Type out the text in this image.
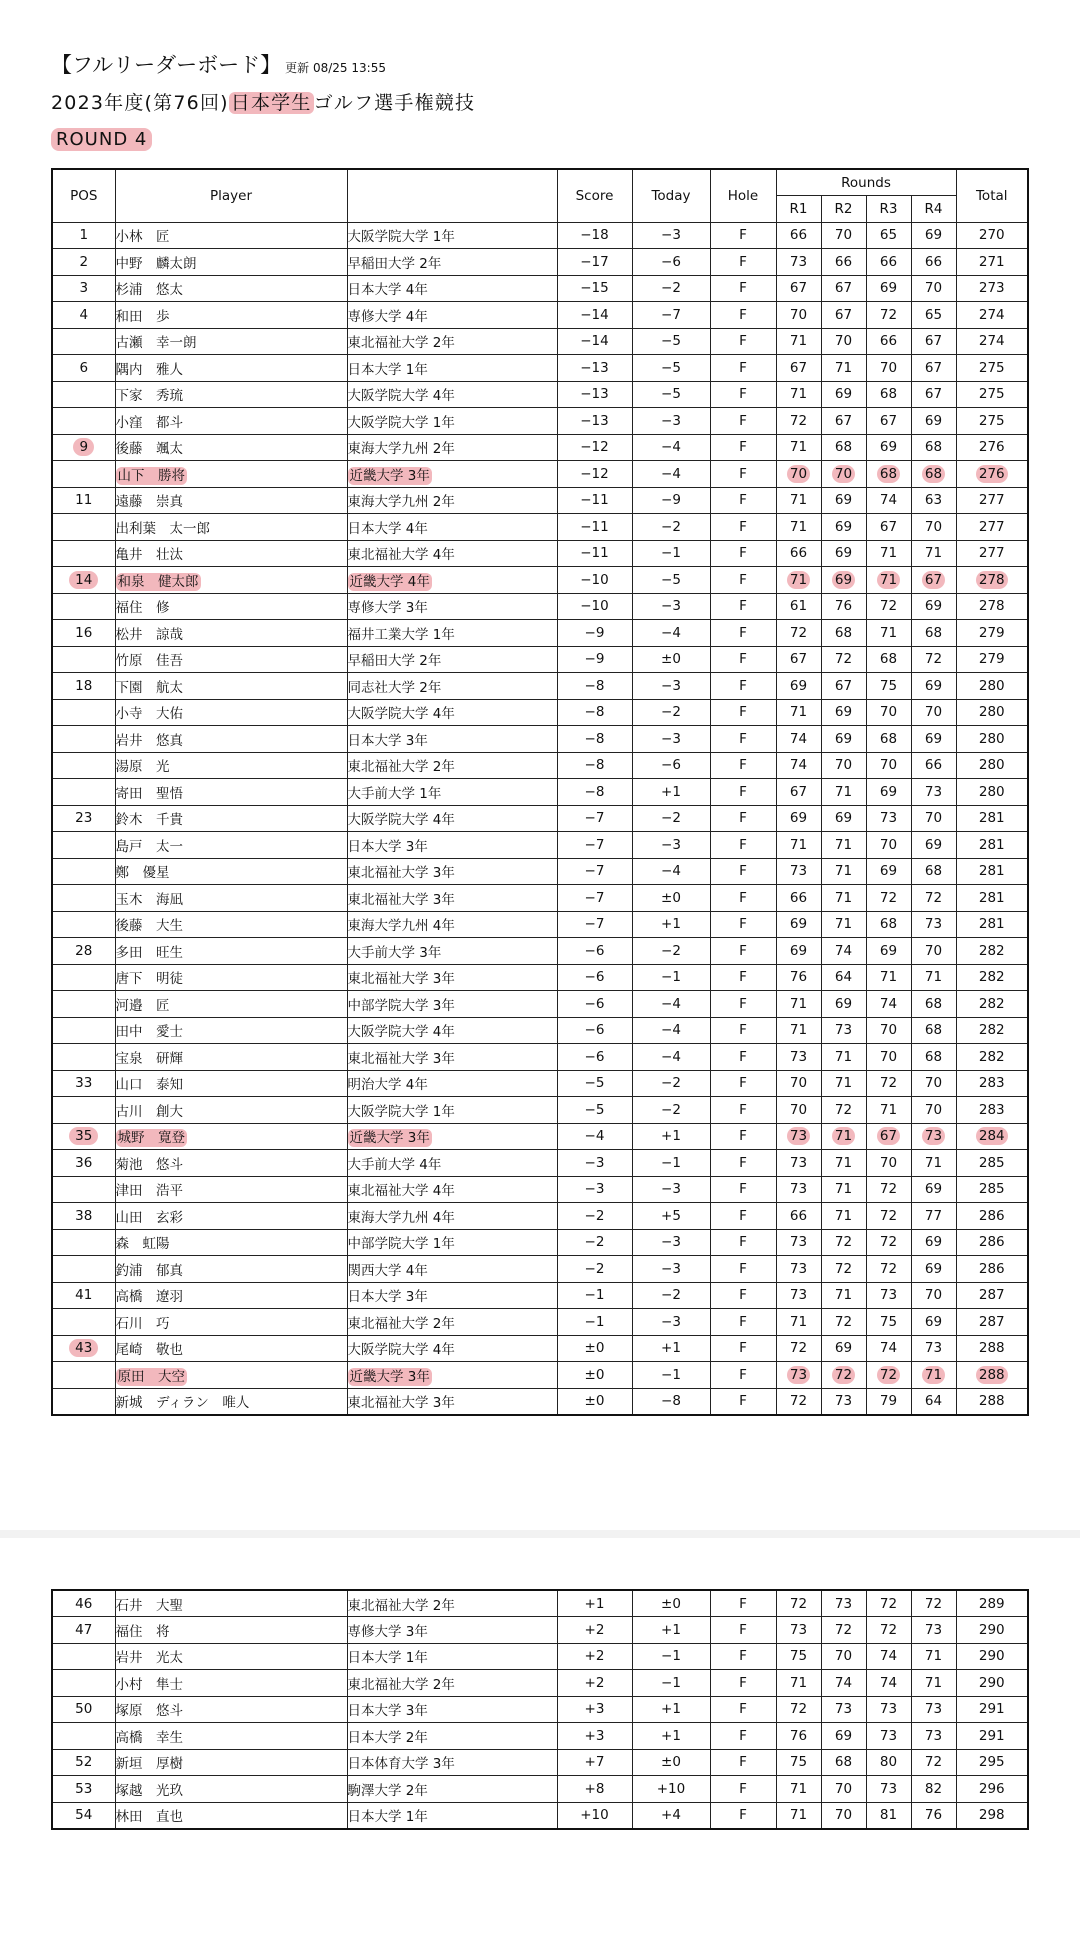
【フルリーダーボード】 更新 08/25 13:55
2023年度(第76回) 日本学生 ゴルフ選手権競技
ROUND 4
POS	Player		Score	Today	Hole	Rounds				Total
						R1	R2	R3	R4	
1	小林　匠	大阪学院大学 1年	−18	−3	F	66	70	65	69	270
2	中野　麟太朗	早稲田大学 2年	−17	−6	F	73	66	66	66	271
3	杉浦　悠太	日本大学 4年	−15	−2	F	67	67	69	70	273
4	和田　歩	専修大学 4年	−14	−7	F	70	67	72	65	274
	古瀬　幸一朗	東北福祉大学 2年	−14	−5	F	71	70	66	67	274
6	隅内　雅人	日本大学 1年	−13	−5	F	67	71	70	67	275
	下家　秀琉	大阪学院大学 4年	−13	−5	F	71	69	68	67	275
	小窪　都斗	大阪学院大学 1年	−13	−3	F	72	67	67	69	275
9	後藤　颯太	東海大学九州 2年	−12	−4	F	71	68	69	68	276
	山下　勝将	近畿大学 3年	−12	−4	F	70	70	68	68	276
11	遠藤　崇真	東海大学九州 2年	−11	−9	F	71	69	74	63	277
	出利葉　太一郎	日本大学 4年	−11	−2	F	71	69	67	70	277
	亀井　壮汰	東北福祉大学 4年	−11	−1	F	66	69	71	71	277
14	和泉　健太郎	近畿大学 4年	−10	−5	F	71	69	71	67	278
	福住　修	専修大学 3年	−10	−3	F	61	76	72	69	278
16	松井　諒哉	福井工業大学 1年	−9	−4	F	72	68	71	68	279
	竹原　佳吾	早稲田大学 2年	−9	±0	F	67	72	68	72	279
18	下園　航太	同志社大学 2年	−8	−3	F	69	67	75	69	280
	小寺　大佑	大阪学院大学 4年	−8	−2	F	71	69	70	70	280
	岩井　悠真	日本大学 3年	−8	−3	F	74	69	68	69	280
	湯原　光	東北福祉大学 2年	−8	−6	F	74	70	70	66	280
	寄田　聖悟	大手前大学 1年	−8	+1	F	67	71	69	73	280
23	鈴木　千貴	大阪学院大学 4年	−7	−2	F	69	69	73	70	281
	島戸　太一	日本大学 3年	−7	−3	F	71	71	70	69	281
	鄭　優星	東北福祉大学 3年	−7	−4	F	73	71	69	68	281
	玉木　海凪	東北福祉大学 3年	−7	±0	F	66	71	72	72	281
	後藤　大生	東海大学九州 4年	−7	+1	F	69	71	68	73	281
28	多田　旺生	大手前大学 3年	−6	−2	F	69	74	69	70	282
	唐下　明徒	東北福祉大学 3年	−6	−1	F	76	64	71	71	282
	河邉　匠	中部学院大学 3年	−6	−4	F	71	69	74	68	282
	田中　愛士	大阪学院大学 4年	−6	−4	F	71	73	70	68	282
	宝泉　研輝	東北福祉大学 3年	−6	−4	F	73	71	70	68	282
33	山口　泰知	明治大学 4年	−5	−2	F	70	71	72	70	283
	古川　創大	大阪学院大学 1年	−5	−2	F	70	72	71	70	283
35	城野　寛登	近畿大学 3年	−4	+1	F	73	71	67	73	284
36	菊池　悠斗	大手前大学 4年	−3	−1	F	73	71	70	71	285
	津田　浩平	東北福祉大学 4年	−3	−3	F	73	71	72	69	285
38	山田　玄彩	東海大学九州 4年	−2	+5	F	66	71	72	77	286
	森　虹陽	中部学院大学 1年	−2	−3	F	73	72	72	69	286
	釣浦　郁真	関西大学 4年	−2	−3	F	73	72	72	69	286
41	高橋　遼羽	日本大学 3年	−1	−2	F	73	71	73	70	287
	石川　巧	東北福祉大学 2年	−1	−3	F	71	72	75	69	287
43	尾崎　敬也	大阪学院大学 4年	±0	+1	F	72	69	74	73	288
	原田　大空	近畿大学 3年	±0	−1	F	73	72	72	71	288
	新城　ディラン　唯人	東北福祉大学 3年	±0	−8	F	72	73	79	64	288
46	石井　大聖	東北福祉大学 2年	+1	±0	F	72	73	72	72	289
47	福住　将	専修大学 3年	+2	+1	F	73	72	72	73	290
	岩井　光太	日本大学 1年	+2	−1	F	75	70	74	71	290
	小村　隼士	東北福祉大学 2年	+2	−1	F	71	74	74	71	290
50	塚原　悠斗	日本大学 3年	+3	+1	F	72	73	73	73	291
	高橋　幸生	日本大学 2年	+3	+1	F	76	69	73	73	291
52	新垣　厚樹	日本体育大学 3年	+7	±0	F	75	68	80	72	295
53	塚越　光玖	駒澤大学 2年	+8	+10	F	71	70	73	82	296
54	林田　直也	日本大学 1年	+10	+4	F	71	70	81	76	298
